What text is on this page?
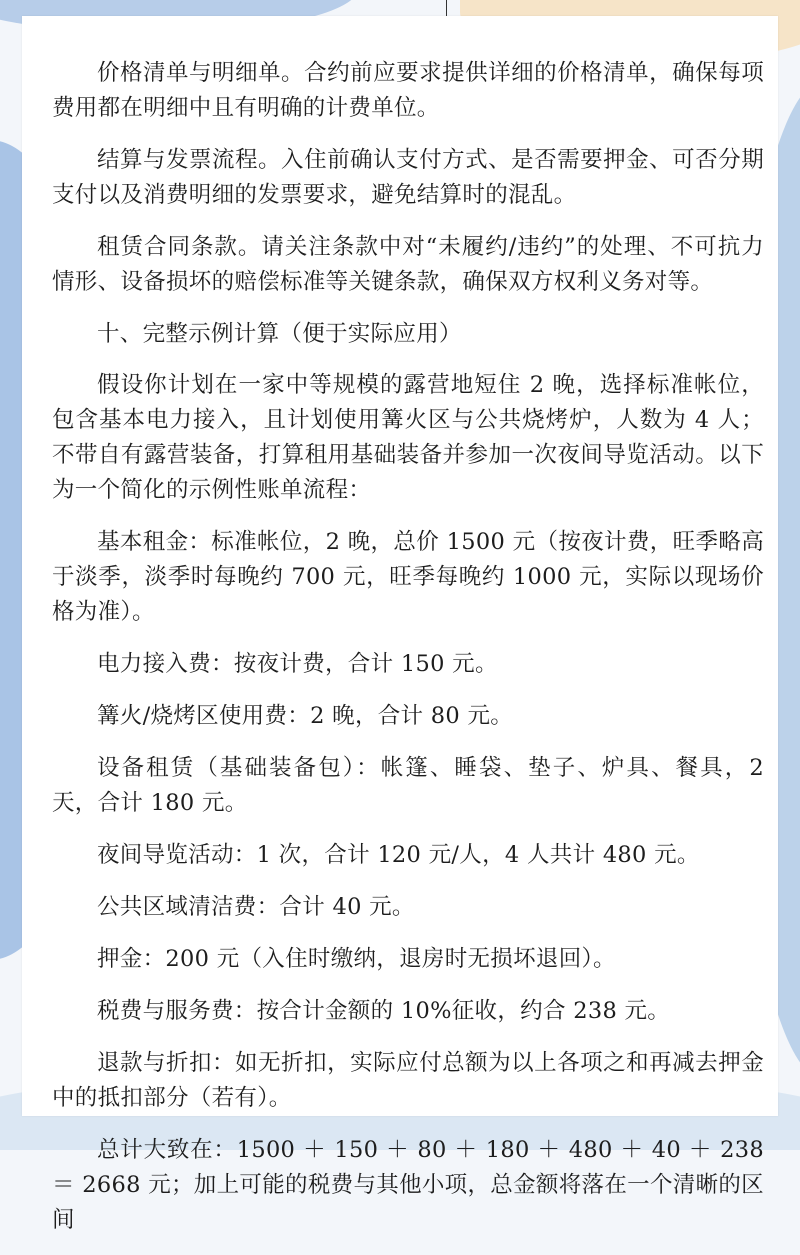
价格清单与明细单。合约前应要求提供详细的价格清单，确保每项费用都在明细中且有明确的计费单位。

结算与发票流程。入住前确认支付方式、是否需要押金、可否分期支付以及消费明细的发票要求，避免结算时的混乱。

租赁合同条款。请关注条款中对“未履约/违约”的处理、不可抗力情形、设备损坏的赔偿标准等关键条款，确保双方权利义务对等。

十、完整示例计算（便于实际应用）

假设你计划在一家中等规模的露营地短住 2 晚，选择标准帐位，包含基本电力接入，且计划使用篝火区与公共烧烤炉，人数为 4 人；不带自有露营装备，打算租用基础装备并参加一次夜间导览活动。以下为一个简化的示例性账单流程：

基本租金：标准帐位，2 晚，总价 1500 元（按夜计费，旺季略高于淡季，淡季时每晚约 700 元，旺季每晚约 1000 元，实际以现场价格为准）。

电力接入费：按夜计费，合计 150 元。

篝火/烧烤区使用费：2 晚，合计 80 元。

设备租赁（基础装备包）：帐篷、睡袋、垫子、炉具、餐具，2 天，合计 180 元。

夜间导览活动：1 次，合计 120 元/人，4 人共计 480 元。

公共区域清洁费：合计 40 元。

押金：200 元（入住时缴纳，退房时无损坏退回）。

税费与服务费：按合计金额的 10%征收，约合 238 元。

退款与折扣：如无折扣，实际应付总额为以上各项之和再减去押金中的抵扣部分（若有）。

总计大致在：1500 ＋ 150 ＋ 80 ＋ 180 ＋ 480 ＋ 40 ＋ 238 ＝ 2668 元；加上可能的税费与其他小项，总金额将落在一个清晰的区间
